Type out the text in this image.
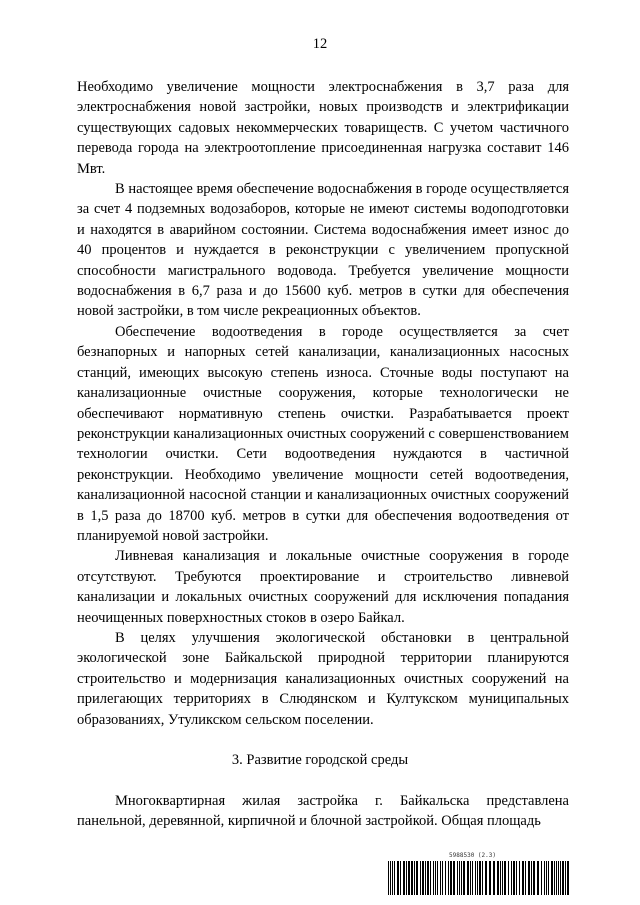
12

Необходимо увеличение мощности электроснабжения в 3,7 раза для электроснабжения новой застройки, новых производств и электрификации существующих садовых некоммерческих товариществ. С учетом частичного перевода города на электроотопление присоединенная нагрузка составит 146 Мвт.

В настоящее время обеспечение водоснабжения в городе осуществляется за счет 4 подземных водозаборов, которые не имеют системы водоподготовки и находятся в аварийном состоянии. Система водоснабжения имеет износ до 40 процентов и нуждается в реконструкции с увеличением пропускной способности магистрального водовода. Требуется увеличение мощности водоснабжения в 6,7 раза и до 15600 куб. метров в сутки для обеспечения новой застройки, в том числе рекреационных объектов.

Обеспечение водоотведения в городе осуществляется за счет безнапорных и напорных сетей канализации, канализационных насосных станций, имеющих высокую степень износа. Сточные воды поступают на канализационные очистные сооружения, которые технологически не обеспечивают нормативную степень очистки. Разрабатывается проект реконструкции канализационных очистных сооружений с совершенствованием технологии очистки. Сети водоотведения нуждаются в частичной реконструкции. Необходимо увеличение мощности сетей водоотведения, канализационной насосной станции и канализационных очистных сооружений в 1,5 раза до 18700 куб. метров в сутки для обеспечения водоотведения от планируемой новой застройки.

Ливневая канализация и локальные очистные сооружения в городе отсутствуют. Требуются проектирование и строительство ливневой канализации и локальных очистных сооружений для исключения попадания неочищенных поверхностных стоков в озеро Байкал.

В целях улучшения экологической обстановки в центральной экологической зоне Байкальской природной территории планируются строительство и модернизация канализационных очистных сооружений на прилегающих территориях в Слюдянском и Култукском муниципальных образованиях, Утуликском сельском поселении.

3. Развитие городской среды

Многоквартирная жилая застройка г. Байкальска представлена панельной, деревянной, кирпичной и блочной застройкой. Общая площадь

5988530 (2.3)
